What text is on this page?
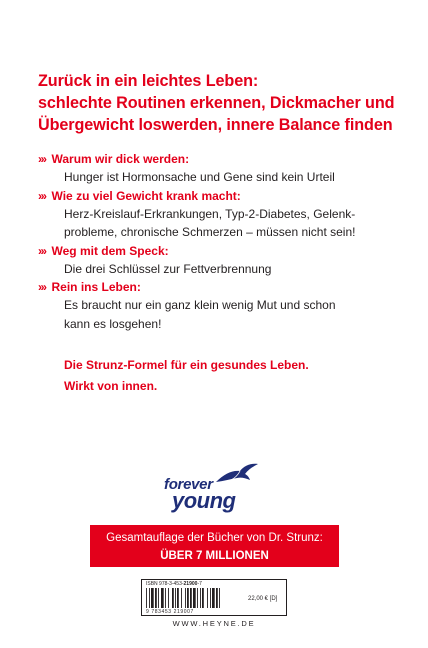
Zurück in ein leichtes Leben:
schlechte Routinen erkennen, Dickmacher und
Übergewicht loswerden, innere Balance finden
››› Warum wir dick werden:
Hunger ist Hormonsache und Gene sind kein Urteil
››› Wie zu viel Gewicht krank macht:
Herz-Kreislauf-Erkrankungen, Typ-2-Diabetes, Gelenk-
probleme, chronische Schmerzen – müssen nicht sein!
››› Weg mit dem Speck:
Die drei Schlüssel zur Fettverbrennung
››› Rein ins Leben:
Es braucht nur ein ganz klein wenig Mut und schon
kann es losgehen!
Die Strunz-Formel für ein gesundes Leben.
Wirkt von innen.
forever
young
Gesamtauflage der Bücher von Dr. Strunz:
ÜBER 7 MILLIONEN
ISBN 978-3-453-21900-7
9 783453 219007
22,00 € [D]
WWW.HEYNE.DE
